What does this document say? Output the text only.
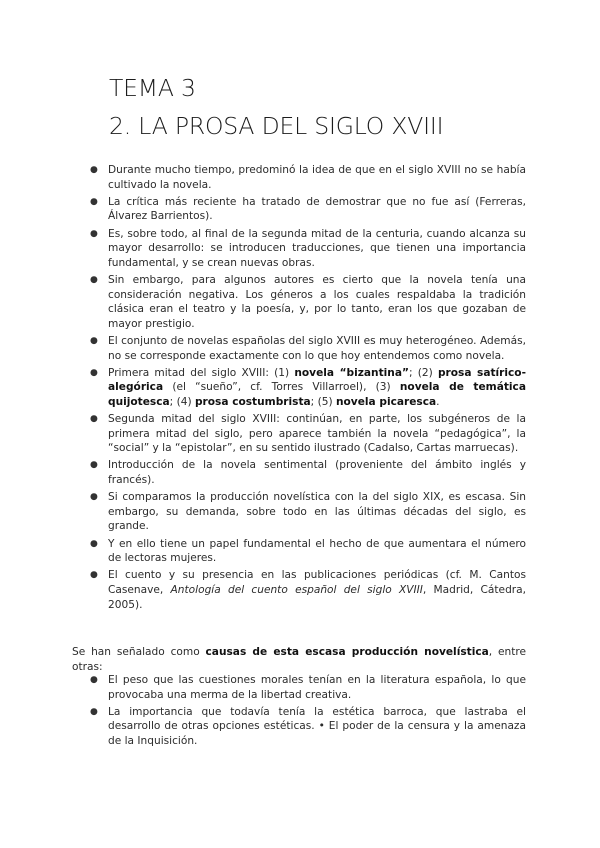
TEMA 3
2. LA PROSA DEL SIGLO XVIII
● Durante mucho tiempo, predominó la idea de que en el siglo XVIII no se había cultivado la novela.
● La crítica más reciente ha tratado de demostrar que no fue así (Ferreras, Álvarez Barrientos).
● Es, sobre todo, al final de la segunda mitad de la centuria, cuando alcanza su mayor desarrollo: se introducen traducciones, que tienen una importancia fundamental, y se crean nuevas obras.
● Sin embargo, para algunos autores es cierto que la novela tenía una consideración negativa. Los géneros a los cuales respaldaba la tradición clásica eran el teatro y la poesía, y, por lo tanto, eran los que gozaban de mayor prestigio.
● El conjunto de novelas españolas del siglo XVIII es muy heterogéneo. Además, no se corresponde exactamente con lo que hoy entendemos como novela.
● Primera mitad del siglo XVIII: (1) novela “bizantina”; (2) prosa satírico-alegórica (el “sueño”, cf. Torres Villarroel), (3) novela de temática quijotesca; (4) prosa costumbrista; (5) novela picaresca.
● Segunda mitad del siglo XVIII: continúan, en parte, los subgéneros de la primera mitad del siglo, pero aparece también la novela “pedagógica”, la “social” y la “epistolar”, en su sentido ilustrado (Cadalso, Cartas marruecas).
● Introducción de la novela sentimental (proveniente del ámbito inglés y francés).
● Si comparamos la producción novelística con la del siglo XIX, es escasa. Sin embargo, su demanda, sobre todo en las últimas décadas del siglo, es grande.
● Y en ello tiene un papel fundamental el hecho de que aumentara el número de lectoras mujeres.
● El cuento y su presencia en las publicaciones periódicas (cf. M. Cantos Casenave, Antología del cuento español del siglo XVIII, Madrid, Cátedra, 2005).

Se han señalado como causas de esta escasa producción novelística, entre otras:

● El peso que las cuestiones morales tenían en la literatura española, lo que provocaba una merma de la libertad creativa.
● La importancia que todavía tenía la estética barroca, que lastraba el desarrollo de otras opciones estéticas. • El poder de la censura y la amenaza de la Inquisición.
